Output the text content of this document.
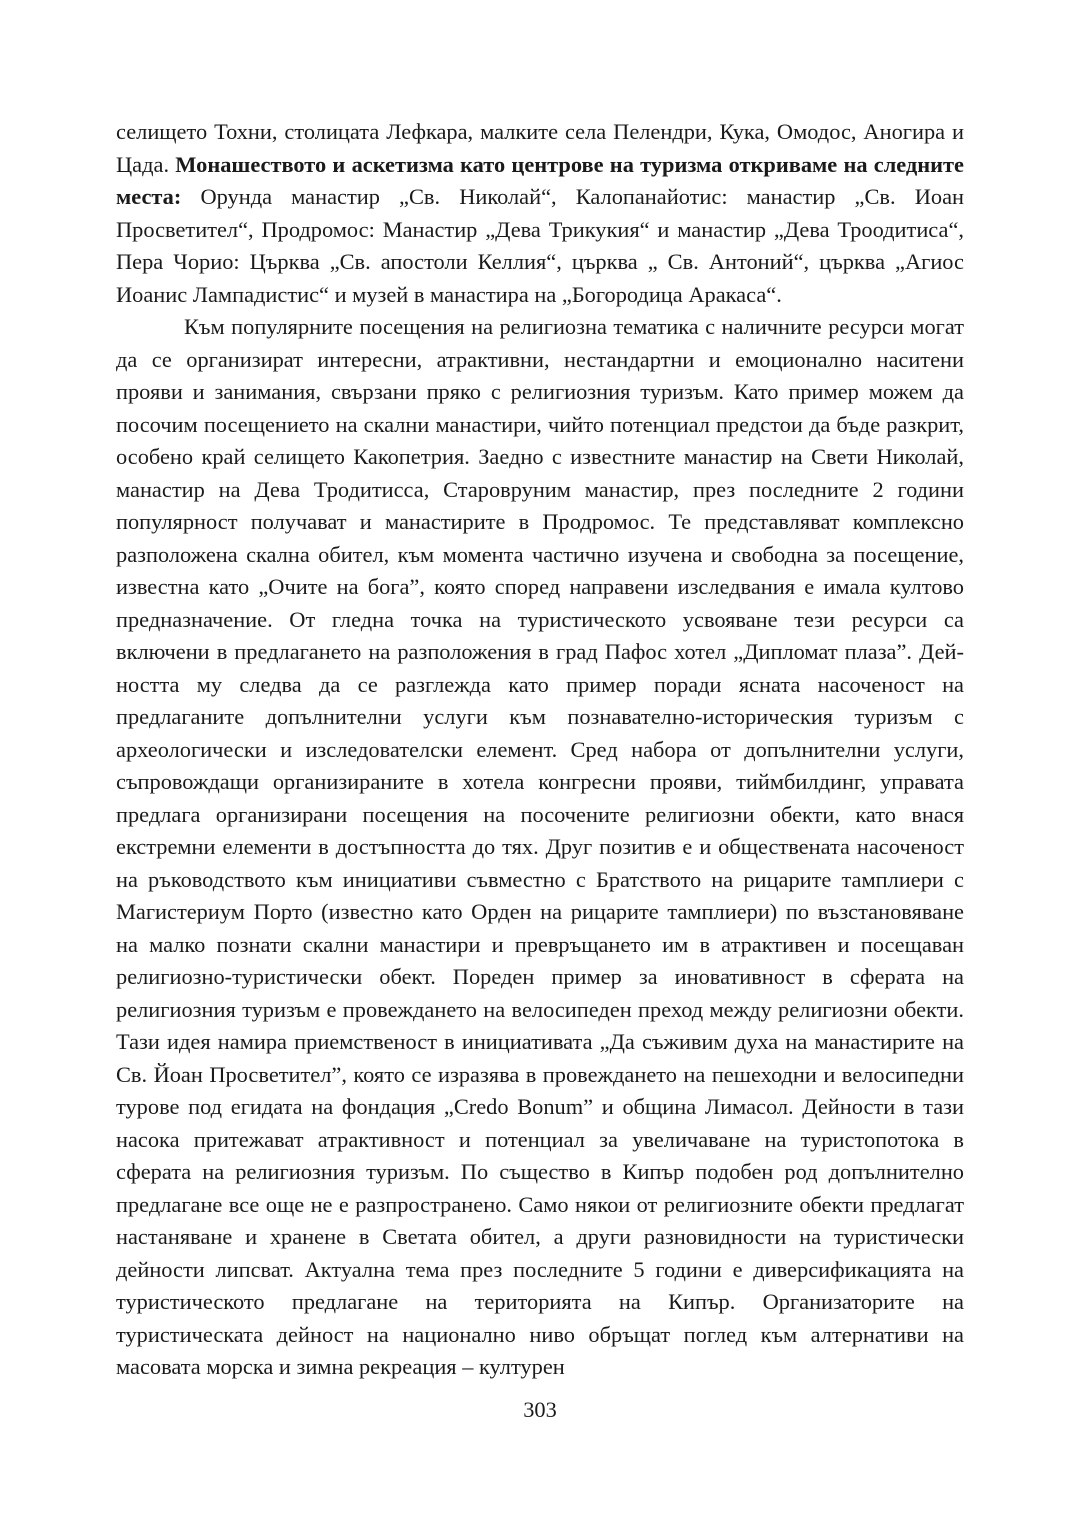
селището Тохни, столицата Лефкара, малките села Пелендри, Кука, Омодос, Аногира и Цада. Монашеството и аскетизма като центрове на туризма откриваме на следните места: Орунда манастир „Св. Николай“, Калопанайотис: манастир „Св. Иоан Просветител“, Продромос: Манастир „Дева Трикукия“ и манастир „Дева Троодитиса“, Пера Чорио: Църква „Св. апостоли Келлия“, църква „ Св. Антоний“, църква „Агиос Иоанис Лампадистис“ и музей в манастира на „Богородица Аракаса“.

Към популярните посещения на религиозна тематика с наличните ресурси могат да се организират интересни, атрактивни, нестандартни и емоционално наситени прояви и занимания, свързани пряко с религиозния туризъм. Като пример можем да посочим посещението на скални манастири, чийто потенциал предстои да бъде разкрит, особено край селището Какопетрия. Заедно с известните манастир на Свети Николай, манастир на Дева Тродитисса, Старовруним манастир, през последните 2 години популярност получават и манастирите в Продромос. Те представляват комплексно разположена скална обител, към момента частично изучена и свободна за посещение, известна като „Очите на бога”, която според направени изследвания е имала култово предназначение. От гледна точка на туристическото усвояване тези ресурси са включени в предлагането на разположения в град Пафос хотел „Дипломат плаза”. Дейността му следва да се разглежда като пример поради ясната насоченост на предлаганите допълнителни услуги към познавателно-историческия туризъм с археологически и изследователски елемент. Сред набора от допълнителни услуги, съпровождащи организираните в хотела конгресни прояви, тиймбилдинг, управата предлага организирани посещения на посочените религиозни обекти, като внася екстремни елементи в достъпността до тях. Друг позитив е и обществената насоченост на ръководството към инициативи съвместно с Братството на рицарите тамплиери с Магистериум Порто (известно като Орден на рицарите тамплиери) по възстановяване на малко познати скални манастири и превръщането им в атрактивен и посещаван религиозно-туристически обект. Пореден пример за иновативност в сферата на религиозния туризъм е провеждането на велосипеден преход между религиозни обекти. Тази идея намира приемственост в инициативата „Да съживим духа на манастирите на Св. Йоан Просветител”, която се изразява в провеждането на пешеходни и велосипедни турове под егидата на фондация „Credo Bonum” и община Лимасол. Дейности в тази насока притежават атрактивност и потенциал за увеличаване на туристопотока в сферата на религиозния туризъм. По същество в Кипър подобен род допълнително предлагане все още не е разпространено. Само някои от религиозните обекти предлагат настаняване и хранене в Светата обител, а други разновидности на туристически дейности липсват. Актуална тема през последните 5 години е диверсификацията на туристическото предлагане на територията на Кипър. Организаторите на туристическата дейност на национално ниво обръщат поглед към алтернативи на масовата морска и зимна рекреация – културен

303
